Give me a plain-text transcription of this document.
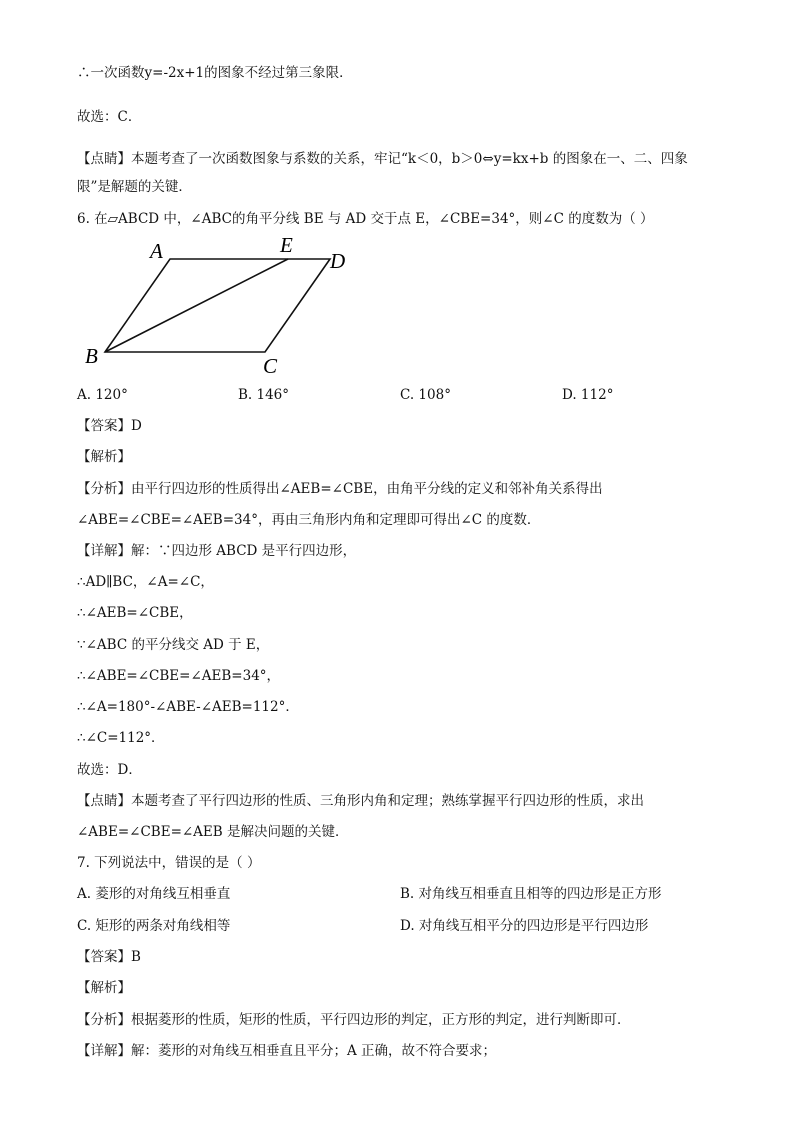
∴一次函数y=-2x+1的图象不经过第三象限．
故选：C．
【点睛】本题考查了一次函数图象与系数的关系，牢记“k＜0，b＞0⇔y=kx+b 的图象在一、二、四象
限”是解题的关键．
6. 在▱ABCD 中，∠ABC的角平分线 BE 与 AD 交于点 E，∠CBE=34°，则∠C 的度数为（ ）
A	E
D
B	C
A. 120°	B. 146°	C. 108°	D. 112°
【答案】D
【解析】
【分析】由平行四边形的性质得出∠AEB=∠CBE，由角平分线的定义和邻补角关系得出
∠ABE=∠CBE=∠AEB=34°，再由三角形内角和定理即可得出∠C 的度数．
【详解】解：∵四边形 ABCD 是平行四边形，
∴AD∥BC，∠A=∠C，
∴∠AEB=∠CBE，
∵∠ABC 的平分线交 AD 于 E，
∴∠ABE=∠CBE=∠AEB=34°，
∴∠A=180°-∠ABE-∠AEB=112°．
∴∠C=112°．
故选：D．
【点睛】本题考查了平行四边形的性质、三角形内角和定理；熟练掌握平行四边形的性质，求出
∠ABE=∠CBE=∠AEB 是解决问题的关键．
7. 下列说法中，错误的是（ ）
A. 菱形的对角线互相垂直	B. 对角线互相垂直且相等的四边形是正方形
C. 矩形的两条对角线相等	D. 对角线互相平分的四边形是平行四边形
【答案】B
【解析】
【分析】根据菱形的性质，矩形的性质，平行四边形的判定，正方形的判定，进行判断即可．
【详解】解：菱形的对角线互相垂直且平分；A 正确，故不符合要求；
